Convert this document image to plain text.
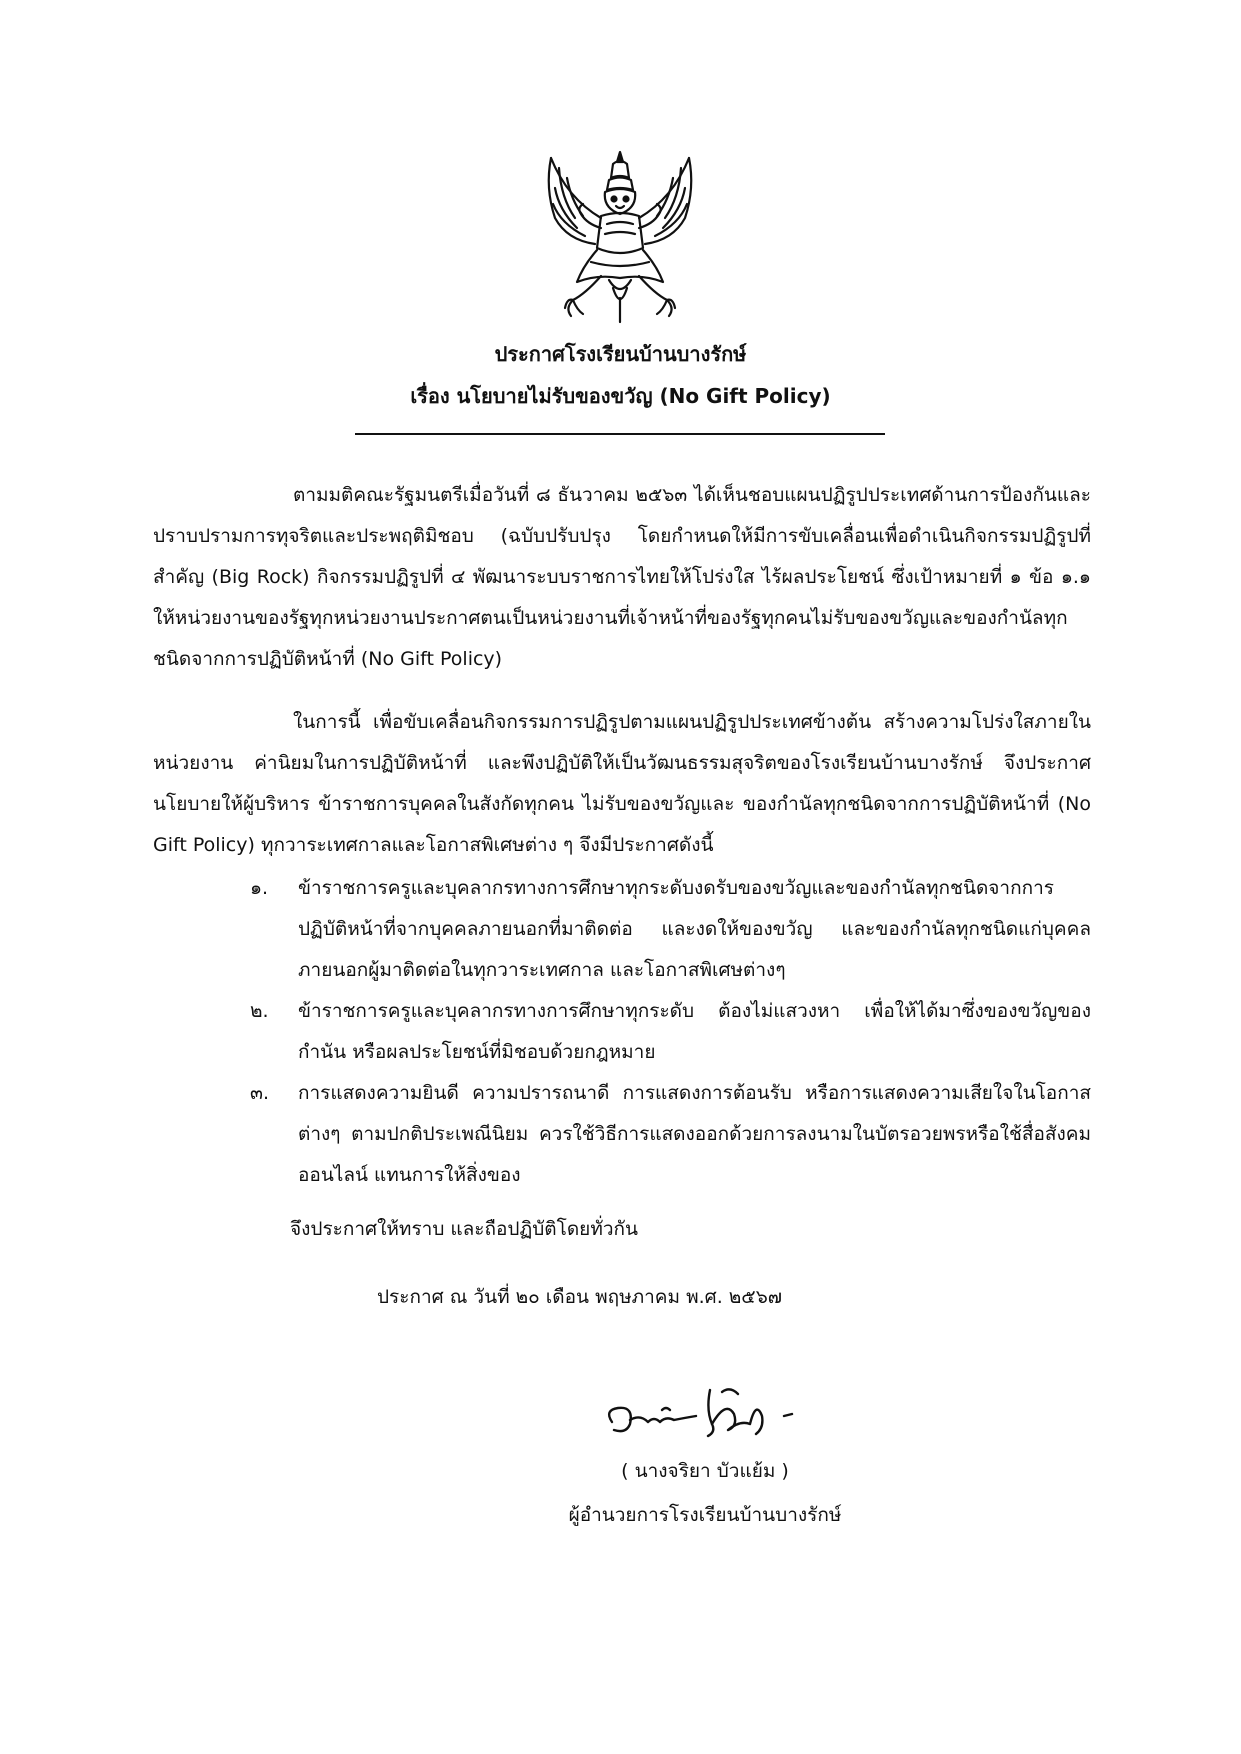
ประกาศโรงเรียนบ้านบางรักษ์
เรื่อง นโยบายไม่รับของขวัญ (No Gift Policy)
ตามมติคณะรัฐมนตรีเมื่อวันที่ ๘ ธันวาคม ๒๕๖๓ ได้เห็นชอบแผนปฏิรูปประเทศด้านการป้องกันและปราบปรามการทุจริตและประพฤติมิชอบ (ฉบับปรับปรุง โดยกำหนดให้มีการขับเคลื่อนเพื่อดำเนินกิจกรรมปฏิรูปที่สำคัญ (Big Rock) กิจกรรมปฏิรูปที่ ๔ พัฒนาระบบราชการไทยให้โปร่งใส ไร้ผลประโยชน์ ซึ่งเป้าหมายที่ ๑ ข้อ ๑.๑ ให้หน่วยงานของรัฐทุกหน่วยงานประกาศตนเป็นหน่วยงานที่เจ้าหน้าที่ของรัฐทุกคนไม่รับของขวัญและของกำนัลทุกชนิดจากการปฏิบัติหน้าที่ (No Gift Policy)
ในการนี้ เพื่อขับเคลื่อนกิจกรรมการปฏิรูปตามแผนปฏิรูปประเทศข้างต้น สร้างความโปร่งใสภายในหน่วยงาน ค่านิยมในการปฏิบัติหน้าที่ และพึงปฏิบัติให้เป็นวัฒนธรรมสุจริตของโรงเรียนบ้านบางรักษ์ จึงประกาศนโยบายให้ผู้บริหาร ข้าราชการบุคคลในสังกัดทุกคน ไม่รับของขวัญและ ของกำนัลทุกชนิดจากการปฏิบัติหน้าที่ (No Gift Policy) ทุกวาระเทศกาลและโอกาสพิเศษต่าง ๆ จึงมีประกาศดังนี้
๑. ข้าราชการครูและบุคลากรทางการศึกษาทุกระดับงดรับของขวัญและของกำนัลทุกชนิดจากการปฏิบัติหน้าที่จากบุคคลภายนอกที่มาติดต่อ และงดให้ของขวัญ และของกำนัลทุกชนิดแก่บุคคลภายนอกผู้มาติดต่อในทุกวาระเทศกาล และโอกาสพิเศษต่างๆ
๒. ข้าราชการครูและบุคลากรทางการศึกษาทุกระดับ ต้องไม่แสวงหา เพื่อให้ได้มาซึ่งของขวัญของกำนัน หรือผลประโยชน์ที่มิชอบด้วยกฎหมาย
๓. การแสดงความยินดี ความปรารถนาดี การแสดงการต้อนรับ หรือการแสดงความเสียใจในโอกาสต่างๆ ตามปกติประเพณีนิยม ควรใช้วิธีการแสดงออกด้วยการลงนามในบัตรอวยพรหรือใช้สื่อสังคมออนไลน์ แทนการให้สิ่งของ
จึงประกาศให้ทราบ และถือปฏิบัติโดยทั่วกัน
ประกาศ ณ วันที่ ๒๐ เดือน พฤษภาคม พ.ศ. ๒๕๖๗
( นางจริยา บัวแย้ม )
ผู้อำนวยการโรงเรียนบ้านบางรักษ์
